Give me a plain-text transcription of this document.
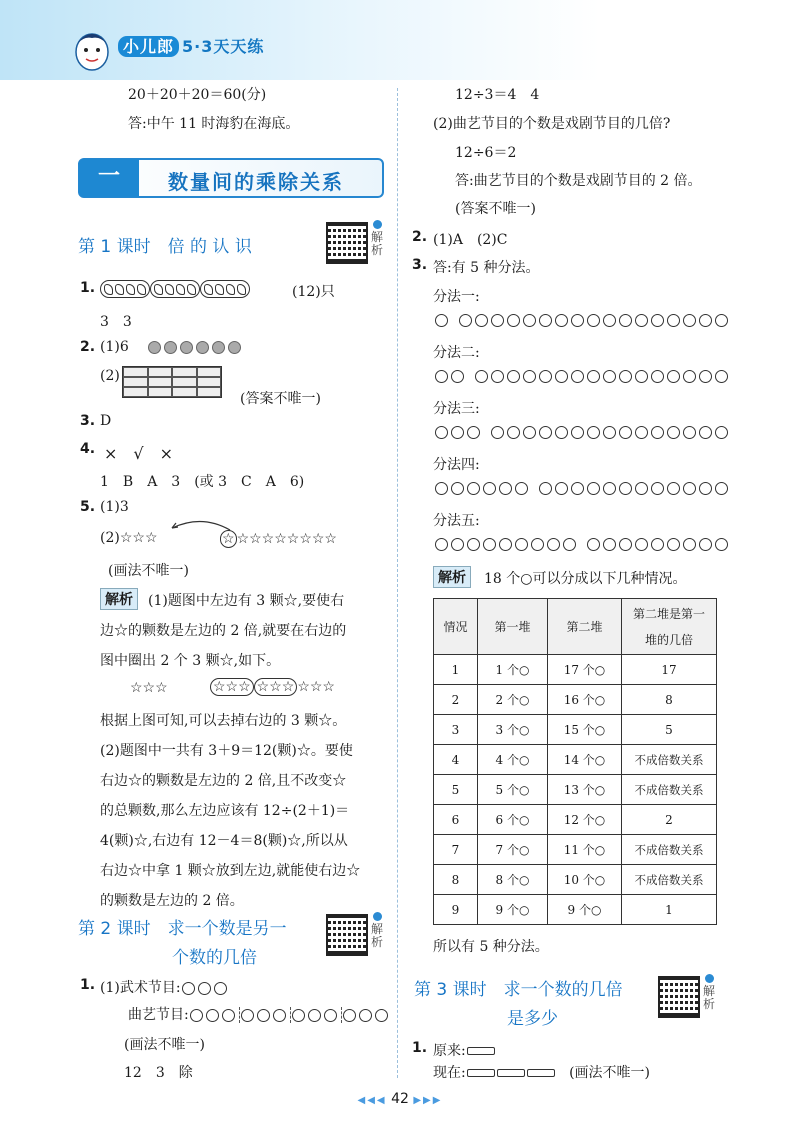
小儿郎 5·3天天练
20＋20＋20＝60(分)
答:中午 11 时海豹在海底。
一	数量间的乘除关系
第 1 课时　倍 的 认 识	解析
1.	(12)只
3　3
2. (1)6
(2)
(答案不唯一)
3. D
4. ×　√　×
1　B　A　3　(或 3　C　A　6)
5. (1)3
(2)☆☆☆	☆ ☆☆☆☆☆☆☆☆
(画法不唯一)
解析	(1)题图中左边有 3 颗☆,要使右
边☆的颗数是左边的 2 倍,就要在右边的
图中圈出 2 个 3 颗☆,如下。
☆☆☆	☆☆☆ ☆☆☆ ☆☆☆
根据上图可知,可以去掉右边的 3 颗☆。
(2)题图中一共有 3＋9＝12(颗)☆。要使
右边☆的颗数是左边的 2 倍,且不改变☆
的总颗数,那么左边应该有 12÷(2＋1)＝
4(颗)☆,右边有 12－4＝8(颗)☆,所以从
右边☆中拿 1 颗☆放到左边,就能使右边☆
的颗数是左边的 2 倍。
第 2 课时　求一个数是另一
个数的几倍
解析
1. (1)武术节目:
曲艺节目:
(画法不唯一)
12　3　除
12÷3＝4　4
(2)曲艺节目的个数是戏剧节目的几倍?
12÷6＝2
答:曲艺节目的个数是戏剧节目的 2 倍。
(答案不唯一)
2. (1)A　(2)C
3. 答:有 5 种分法。
分法一:

分法二:

分法三:

分法四:

分法五:

解析	18 个○可以分成以下几种情况。
情况	第一堆	第二堆	第二堆是第一堆的几倍
1	1 个○	17 个○	17
2	2 个○	16 个○	8
3	3 个○	15 个○	5
4	4 个○	14 个○	不成倍数关系
5	5 个○	13 个○	不成倍数关系
6	6 个○	12 个○	2
7	7 个○	11 个○	不成倍数关系
8	8 个○	10 个○	不成倍数关系
9	9 个○	9 个○	1
所以有 5 种分法。
第 3 课时　求一个数的几倍
是多少
解析
1. 原来:
现在:	(画法不唯一)
◀◀◀ 42 ▶▶▶
